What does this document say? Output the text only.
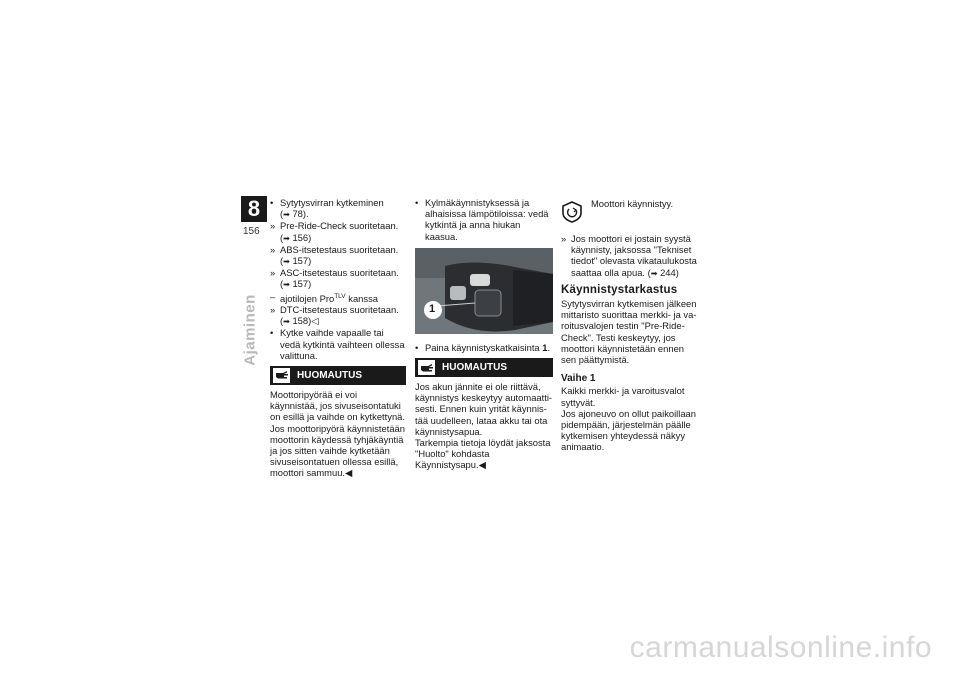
8
156
Ajaminen
• Sytytysvirran kytkeminen
(➡ 78).
» Pre-Ride-Check suoritetaan.
(➡ 156)
» ABS-itsetestaus suoritetaan.
(➡ 157)
» ASC-itsetestaus suoritetaan.
(➡ 157)
– ajotilojen Pro$^{TLV}$ kanssa
» DTC-itsetestaus suoritetaan.
(➡ 158)◁
• Kytke vaihde vapaalle tai vedä kytkintä vaihteen ollessa valittuna.
HUOMAUTUS

Moottoripyörää ei voi käynnistää, jos sivuseisontatuki on esillä ja vaihde on kytkettynä. Jos moottoripyörä käynnistetään moottorin käydessä tyhjäkäyntiä ja jos sitten vaihde kytketään sivuseisontatuen ollessa esillä, moottori sammuu.◀

• Kylmäkäynnistyksessä ja alhaisissa lämpötiloissa: vedä kytkintä ja anna hiukan kaasua.
1
• Paina käynnistyskatkaisinta 1.
HUOMAUTUS

Jos akun jännite ei ole riittävä, käynnistys keskeytyy automaattisesti. Ennen kuin yrität käynnistää uudelleen, lataa akku tai ota käynnistysapua.

Tarkempia tietoja löydät jaksosta "Huolto" kohdasta Käynnistysapu.◀

Moottori käynnistyy.
» Jos moottori ei jostain syystä käynnisty, jaksossa "Tekniset tiedot" olevasta vikataulukosta saattaa olla apua. (➡ 244)
Käynnistystarkastus

Sytytysvirran kytkemisen jälkeen mittaristo suorittaa merkki- ja varoitusvalojen testin "Pre-Ride-Check". Testi keskeytyy, jos moottori käynnistetään ennen sen päättymistä.

Vaihe 1

Kaikki merkki- ja varoitusvalot syttyvät.

Jos ajoneuvo on ollut paikoillaan pidempään, järjestelmän päälle kytkemisen yhteydessä näkyy animaatio.

carmanualsonline.info
